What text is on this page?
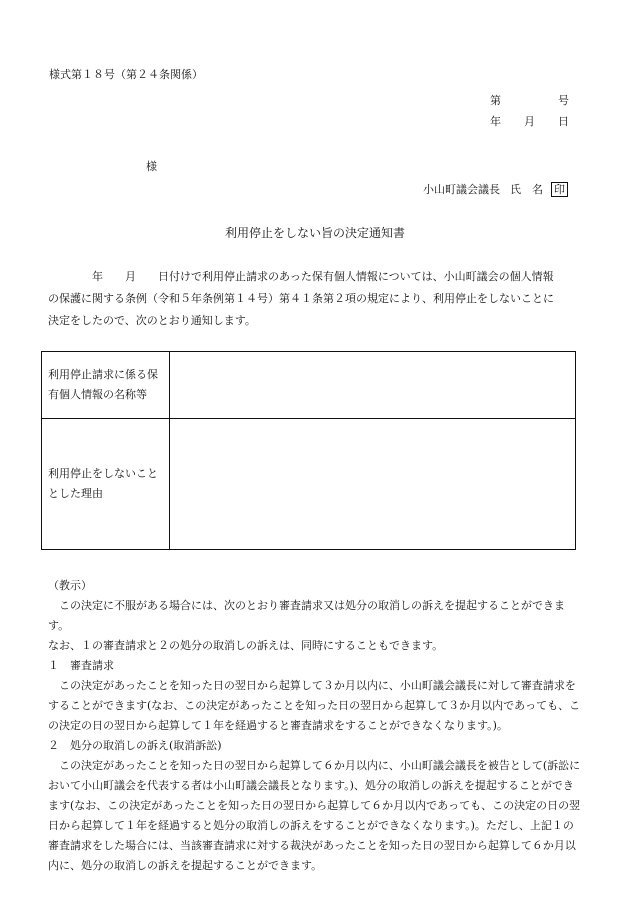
様式第１８号（第２４条関係）
第	号
年 月 日
様
小山町議会議長 氏　名 印
利用停止をしない旨の決定通知書

年　　月　　日付けで利用停止請求のあった保有個人情報については、小山町議会の個人情報

の保護に関する条例（令和５年条例第１４号）第４１条第２項の規定により、利用停止をしないことに

決定をしたので、次のとおり通知します。

利用停止請求に係る保有個人情報の名称等	
利用停止をしないこととした理由	

（教示）

この決定に不服がある場合には、次のとおり審査請求又は処分の取消しの訴えを提起することができます。

なお、１の審査請求と２の処分の取消しの訴えは、同時にすることもできます。

１　審査請求

この決定があったことを知った日の翌日から起算して３か月以内に、小山町議会議長に対して審査請求を

することができます(なお、この決定があったことを知った日の翌日から起算して３か月以内であっても、こ

の決定の日の翌日から起算して１年を経過すると審査請求をすることができなくなります。)。

２　処分の取消しの訴え(取消訴訟)

この決定があったことを知った日の翌日から起算して６か月以内に、小山町議会議長を被告として(訴訟に

おいて小山町議会を代表する者は小山町議会議長となります。)、処分の取消しの訴えを提起することができ

ます(なお、この決定があったことを知った日の翌日から起算して６か月以内であっても、この決定の日の翌

日から起算して１年を経過すると処分の取消しの訴えをすることができなくなります。)。ただし、上記１の

審査請求をした場合には、当該審査請求に対する裁決があったことを知った日の翌日から起算して６か月以

内に、処分の取消しの訴えを提起することができます。
